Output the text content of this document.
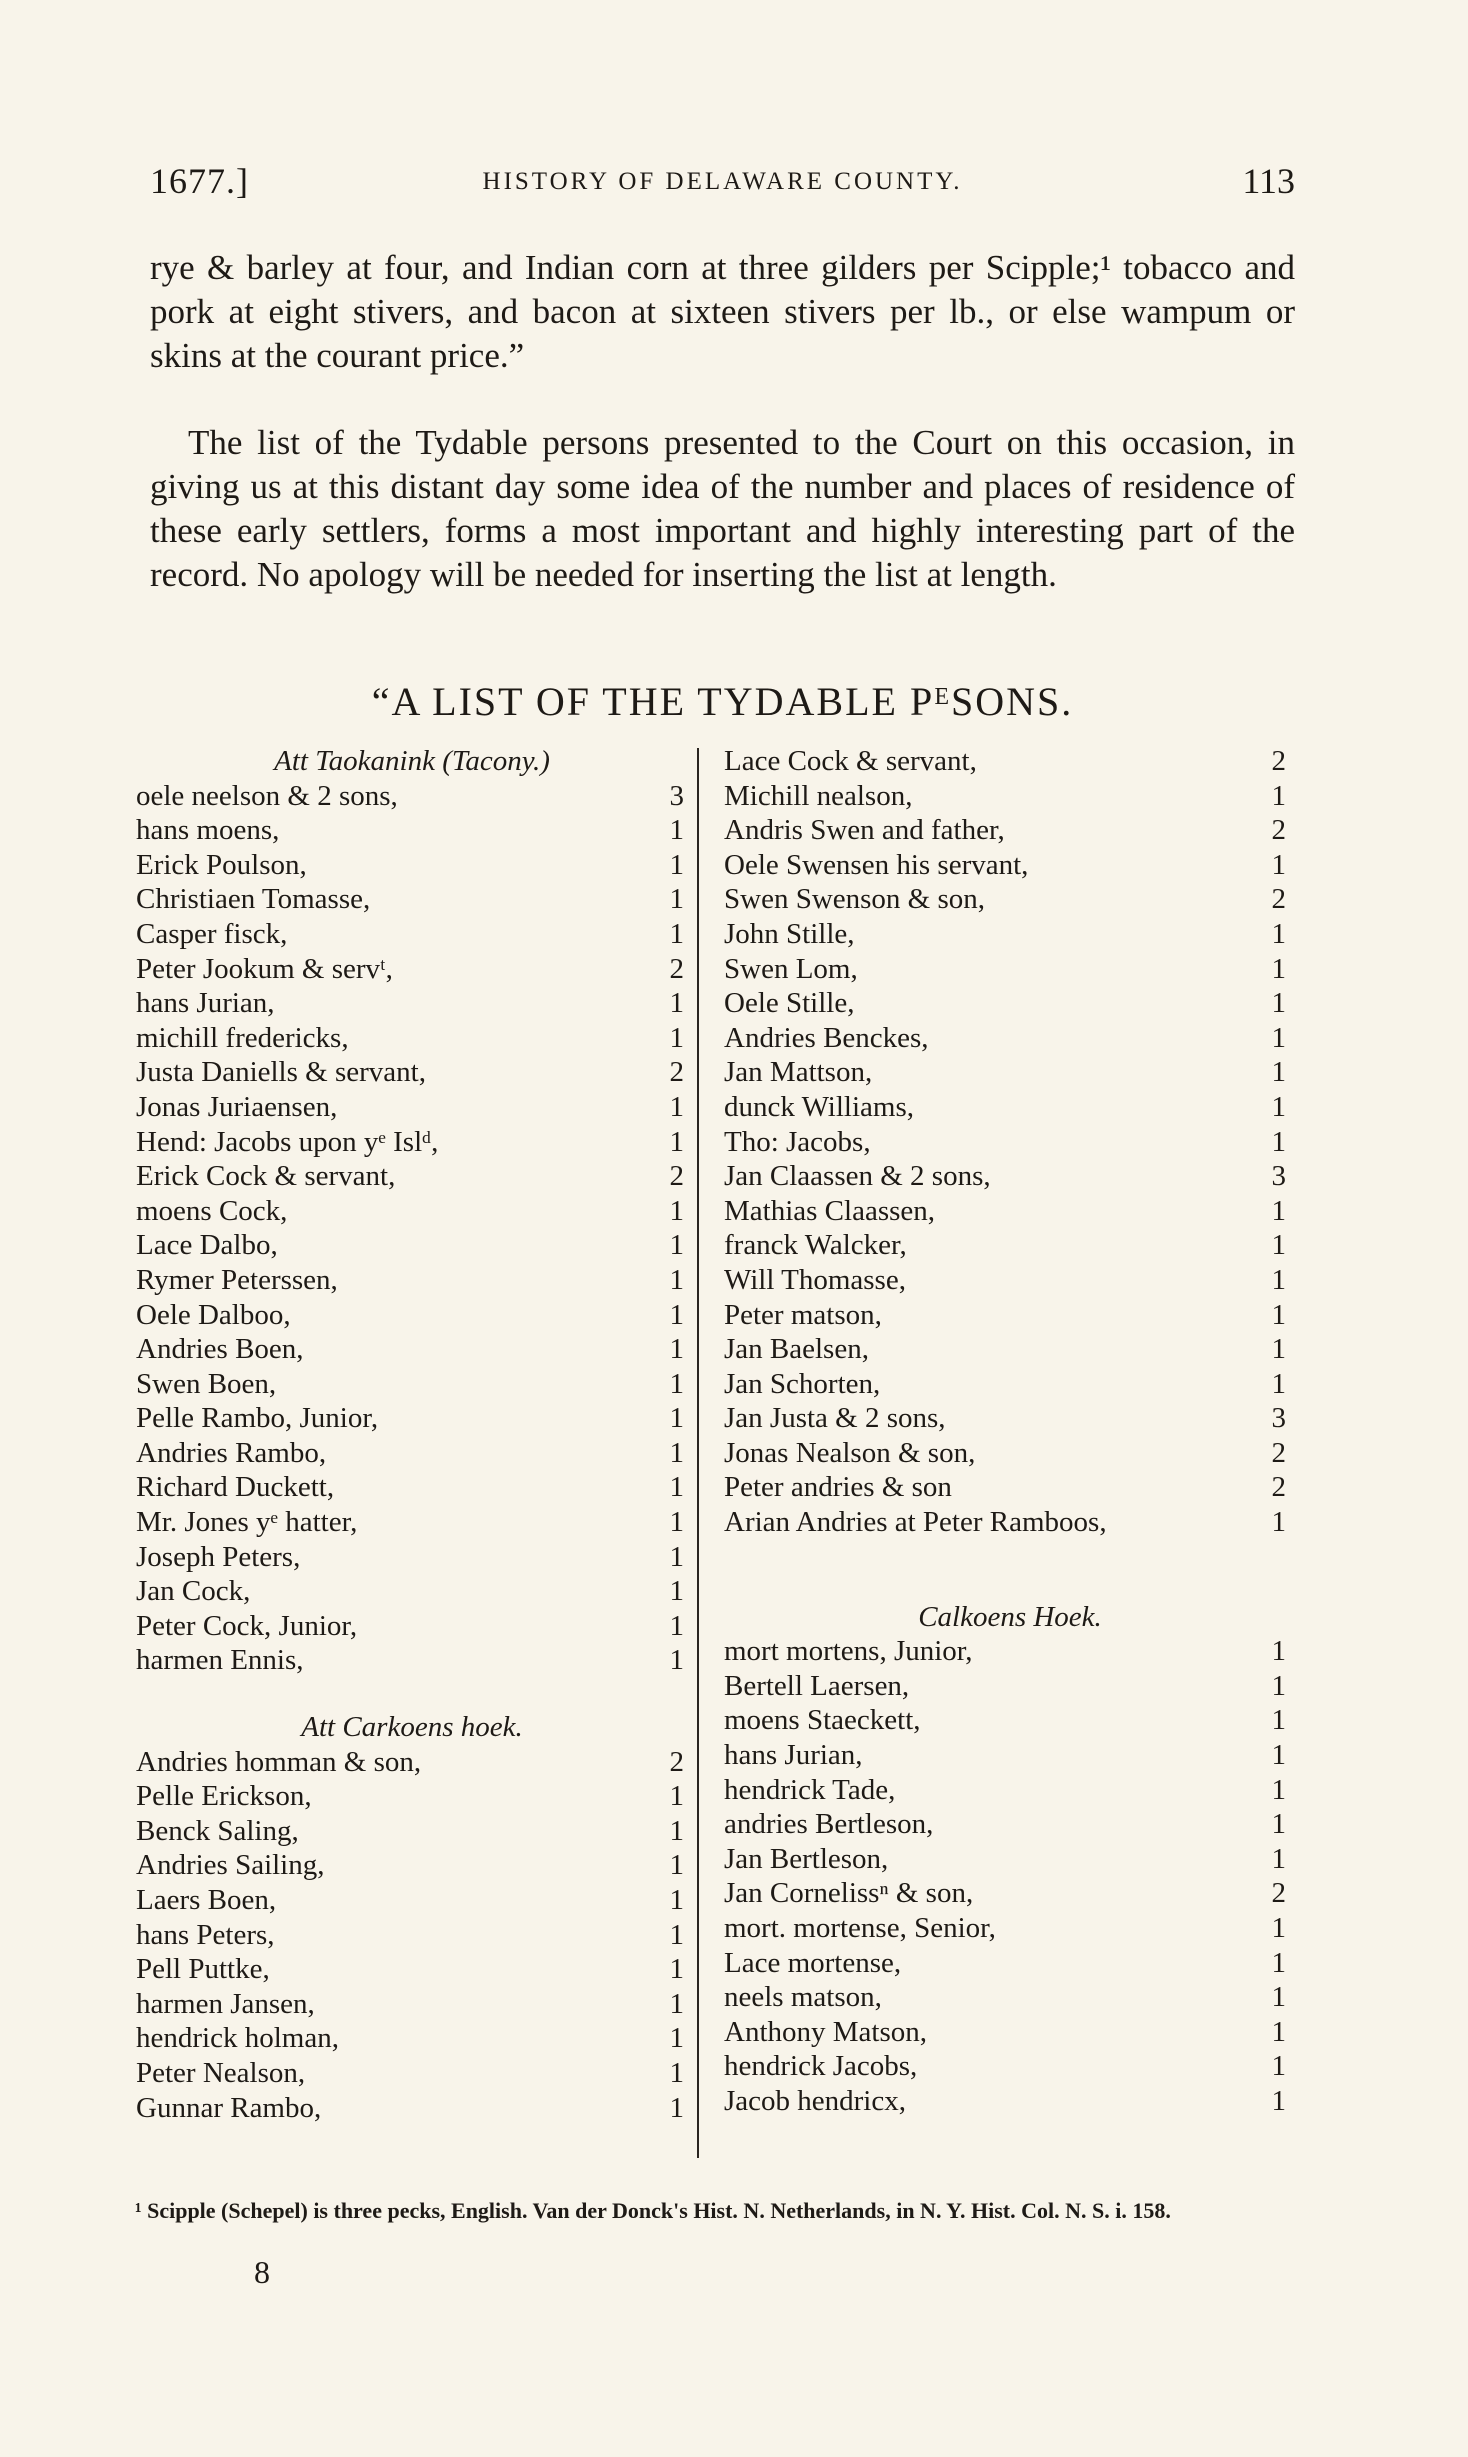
1677.]	HISTORY OF DELAWARE COUNTY.	113

rye & barley at four, and Indian corn at three gilders per Scipple;¹ tobacco and pork at eight stivers, and bacon at sixteen stivers per lb., or else wampum or skins at the courant price.”

The list of the Tydable persons presented to the Court on this occasion, in giving us at this distant day some idea of the number and places of residence of these early settlers, forms a most important and highly interesting part of the record. No apology will be needed for inserting the list at length.

“A LIST OF THE TYDABLE PᴱSONS.
Att Taokanink (Tacony.)
oele neelson & 2 sons,	3
hans moens,	1
Erick Poulson,	1
Christiaen Tomasse,	1
Casper fisck,	1
Peter Jookum & servᵗ,	2
hans Jurian,	1
michill fredericks,	1
Justa Daniells & servant,	2
Jonas Juriaensen,	1
Hend: Jacobs upon yᵉ Islᵈ,	1
Erick Cock & servant,	2
moens Cock,	1
Lace Dalbo,	1
Rymer Peterssen,	1
Oele Dalboo,	1
Andries Boen,	1
Swen Boen,	1
Pelle Rambo, Junior,	1
Andries Rambo,	1
Richard Duckett,	1
Mr. Jones yᵉ hatter,	1
Joseph Peters,	1
Jan Cock,	1
Peter Cock, Junior,	1
harmen Ennis,	1
Att Carkoens hoek.
Andries homman & son,	2
Pelle Erickson,	1
Benck Saling,	1
Andries Sailing,	1
Laers Boen,	1
hans Peters,	1
Pell Puttke,	1
harmen Jansen,	1
hendrick holman,	1
Peter Nealson,	1
Gunnar Rambo,	1
Lace Cock & servant,	2
Michill nealson,	1
Andris Swen and father,	2
Oele Swensen his servant,	1
Swen Swenson & son,	2
John Stille,	1
Swen Lom,	1
Oele Stille,	1
Andries Benckes,	1
Jan Mattson,	1
dunck Williams,	1
Tho: Jacobs,	1
Jan Claassen & 2 sons,	3
Mathias Claassen,	1
franck Walcker,	1
Will Thomasse,	1
Peter matson,	1
Jan Baelsen,	1
Jan Schorten,	1
Jan Justa & 2 sons,	3
Jonas Nealson & son,	2
Peter andries & son	2
Arian Andries at Peter Ramboos,	1
Calkoens Hoek.
mort mortens, Junior,	1
Bertell Laersen,	1
moens Staeckett,	1
hans Jurian,	1
hendrick Tade,	1
andries Bertleson,	1
Jan Bertleson,	1
Jan Cornelissⁿ & son,	2
mort. mortense, Senior,	1
Lace mortense,	1
neels matson,	1
Anthony Matson,	1
hendrick Jacobs,	1
Jacob hendricx,	1

¹ Scipple (Schepel) is three pecks, English. Van der Donck's Hist. N. Netherlands, in N. Y. Hist. Col. N. S. i. 158.

8
